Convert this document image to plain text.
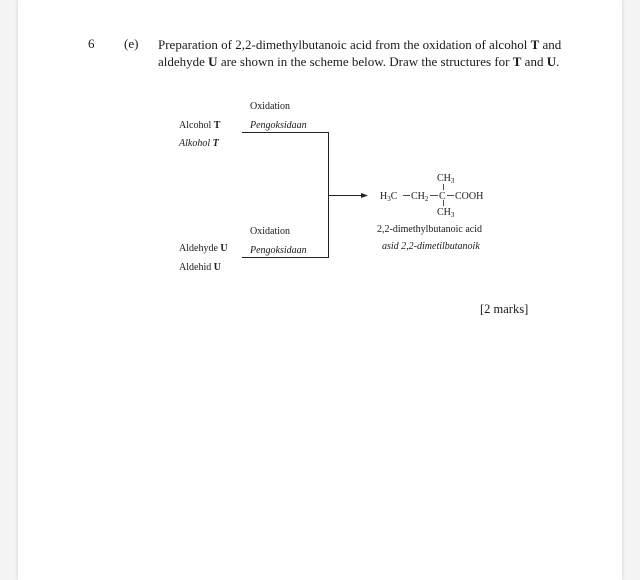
6 (e) Preparation of 2,2-dimethylbutanoic acid from the oxidation of alcohol T and
aldehyde U are shown in the scheme below. Draw the structures for T and U.
Alcohol T
Alkohol T
Aldehyde U
Aldehid U
Oxidation
Pengoksidaan
Oxidation
Pengoksidaan
$CH_3$
$H_3C$ $CH_2$ C COOH
$CH_3$
2,2-dimethylbutanoic acid
asid 2,2-dimetilbutanoik
[2 marks]
